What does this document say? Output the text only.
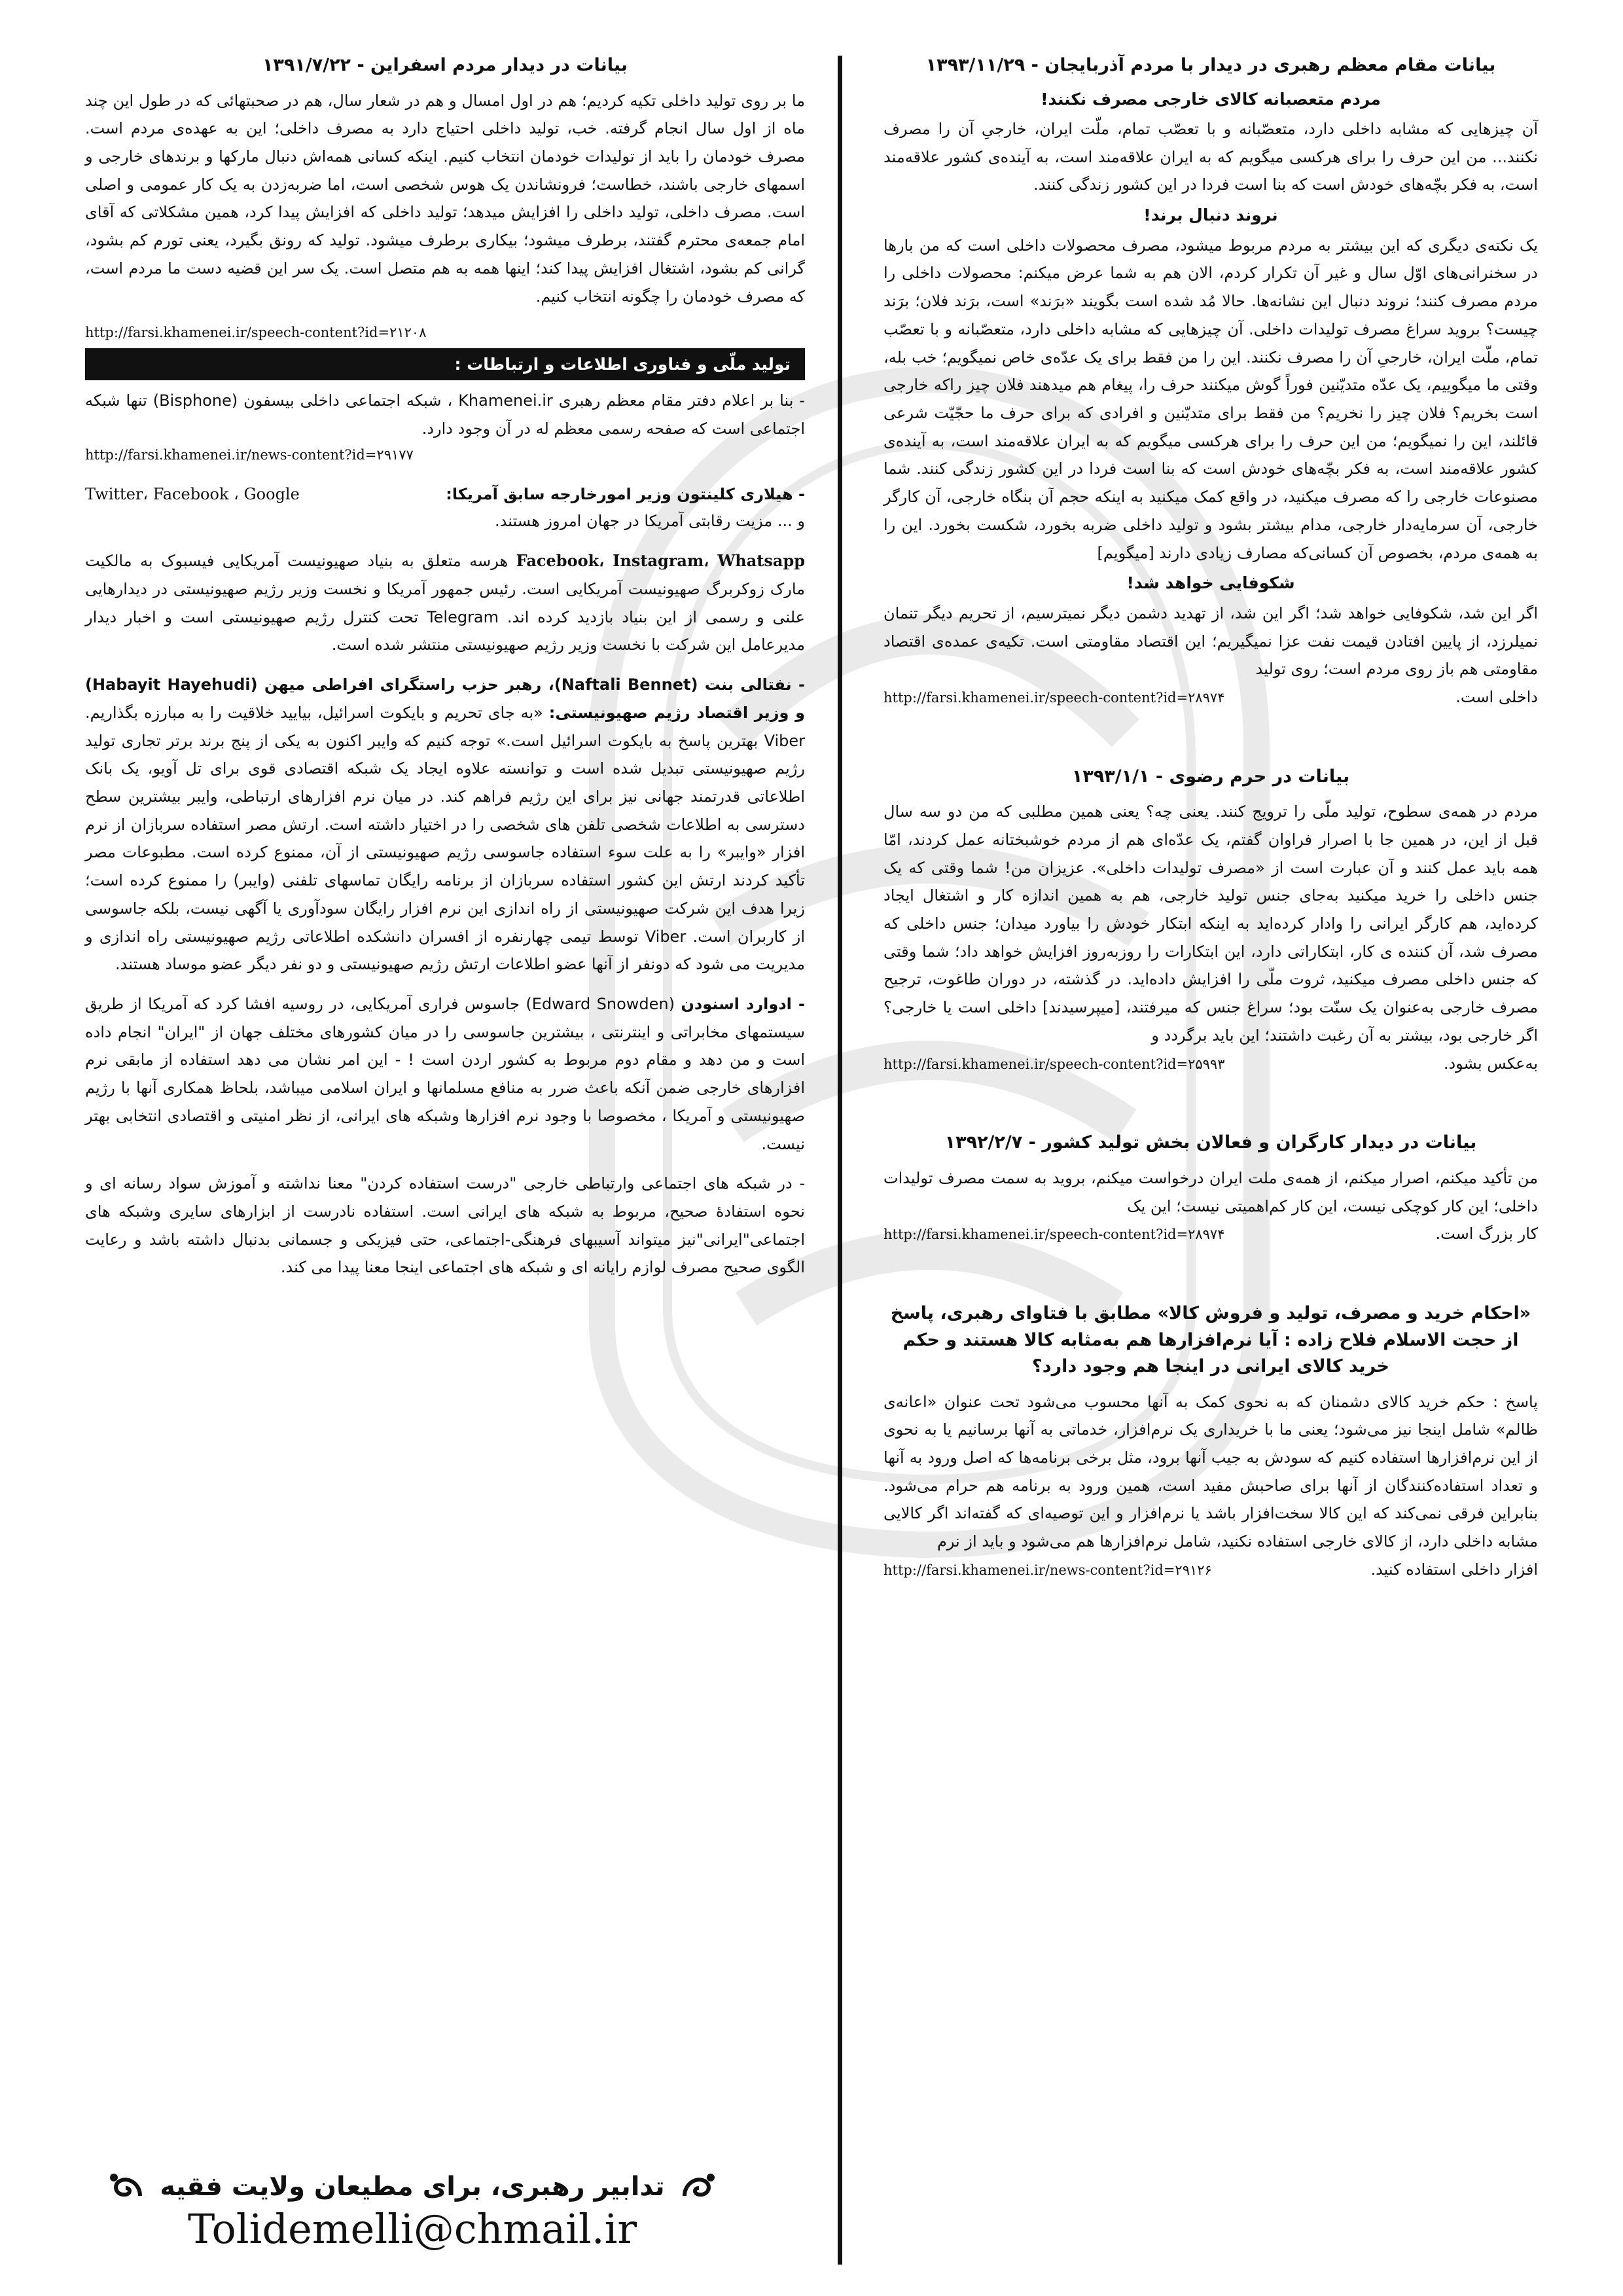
بیانات مقام معظم رهبری در دیدار با مردم آذربایجان - ۱۳۹۳/۱۱/۲۹
مردم متعصبانه کالای خارجی مصرف نکنند!

آن چیزهایی که مشابه داخلی دارد، متعصّبانه و با تعصّب تمام، ملّت ایران، خارجیِ آن را مصرف نکنند... من این حرف را برای هرکسی میگویم که به ایران علاقه‌مند است، به آینده‌ی کشور علاقه‌مند است، به فکر بچّه‌های خودش است که بنا است فردا در این کشور زندگی کنند.

نروند دنبال برند!

یک نکته‌ی دیگری که این بیشتر به مردم مربوط میشود، مصرف محصولات داخلی است که من بارها در سخنرانی‌های اوّل سال و غیر آن تکرار کردم، الان هم به شما عرض میکنم: محصولات داخلی را مردم مصرف کنند؛ نروند دنبال این نشانه‌ها. حالا مُد شده است بگویند «برَند» است، برَند فلان؛ برَند چیست؟ بروید سراغ مصرف تولیدات داخلی. آن چیزهایی که مشابه داخلی دارد، متعصّبانه و با تعصّب تمام، ملّت ایران، خارجیِ آن را مصرف نکنند. این را من فقط برای یک عدّه‌ی خاص نمیگویم؛ خب بله، وقتی ما میگوییم، یک عدّه متدیّنین فوراً گوش میکنند حرف را، پیغام هم میدهند فلان چیز راکه خارجی است بخریم؟ فلان چیز را نخریم؟ من فقط برای متدیّنین و افرادی که برای حرف ما حجّیّت شرعی قائلند، این را نمیگویم؛ من این حرف را برای هرکسی میگویم که به ایران علاقه‌مند است، به آینده‌ی کشور علاقه‌مند است، به فکر بچّه‌های خودش است که بنا است فردا در این کشور زندگی کنند. شما مصنوعات خارجی را که مصرف میکنید، در واقع کمک میکنید به اینکه حجم آن بنگاه خارجی، آن کارگر خارجی، آن سرمایه‌دار خارجی، مدام بیشتر بشود و تولید داخلی ضربه بخورد، شکست بخورد. این را به همه‌ی مردم، بخصوص آن کسانی‌که مصارف زیادی دارند [میگویم]

شکوفایی خواهد شد!

اگر این شد، شکوفایی خواهد شد؛ اگر این شد، از تهدید دشمن دیگر نمیترسیم، از تحریم دیگر تنمان نمیلرزد، از پایین افتادن قیمت نفت عزا نمیگیریم؛ این اقتصاد مقاومتی است. تکیه‌ی عمده‌ی اقتصاد مقاومتی هم باز روی مردم است؛ روی تولید

داخلی است.
http://farsi.khamenei.ir/speech-content?id=۲۸۹۷۴
بیانات در حرم رضوی - ۱۳۹۳/۱/۱

مردم در همه‌ی سطوح، تولید ملّی را ترویج کنند. یعنی چه؟ یعنی همین مطلبی که من دو سه سال قبل از این، در همین جا با اصرار فراوان گفتم، یک عدّه‌ای هم از مردم خوشبختانه عمل کردند، امّا همه باید عمل کنند و آن عبارت است از «مصرف تولیدات داخلی». عزیزان من! شما وقتی که یک جنس داخلی را خرید میکنید به‌جای جنس تولید خارجی، هم به همین اندازه کار و اشتغال ایجاد کرده‌اید، هم کارگر ایرانی را وادار کرده‌اید به اینکه ابتکار خودش را بیاورد میدان؛ جنس داخلی که مصرف شد، آن کننده ی کار، ابتکاراتی دارد، این ابتکارات را روزبه‌روز افزایش خواهد داد؛ شما وقتی که جنس داخلی مصرف میکنید، ثروت ملّی را افزایش داده‌اید. در گذشته، در دوران طاغوت، ترجیح مصرف خارجی به‌عنوان یک سنّت بود؛ سراغ جنس که میرفتند، [میپرسیدند] داخلی است یا خارجی؟ اگر خارجی بود، بیشتر به آن رغبت داشتند؛ این باید برگردد و

به‌عکس بشود.
http://farsi.khamenei.ir/speech-content?id=۲۵۹۹۳
بیانات در دیدار کارگران و فعالان بخش تولید کشور - ۱۳۹۲/۲/۷

من تأکید میکنم، اصرار میکنم، از همه‌ی ملت ایران درخواست میکنم، بروید به سمت مصرف تولیدات داخلی؛ این کار کوچکی نیست، این کار کم‌اهمیتی نیست؛ این یک

کار بزرگ است.
http://farsi.khamenei.ir/speech-content?id=۲۸۹۷۴
«احکام خرید و مصرف، تولید و فروش کالا» مطابق با فتاوای رهبری، پاسخ از حجت الاسلام فلاح زاده : آیا نرم‌افزارها هم به‌مثابه کالا هستند و حکم خرید کالای ایرانی در اینجا هم وجود دارد؟

پاسخ : حکم خرید کالای دشمنان که به نحوی کمک به آنها محسوب می‌شود تحت عنوان «اعانه‌ی ظالم» شامل اینجا نیز می‌شود؛ یعنی ما با خریداری یک نرم‌افزار، خدماتی به آنها برسانیم یا به نحوی از این نرم‌افزارها استفاده کنیم که سودش به جیب آنها برود، مثل برخی برنامه‌ها که اصل ورود به آنها و تعداد استفاده‌کنندگان از آنها برای صاحبش مفید است، همین ورود به برنامه هم حرام می‌شود. بنابراین فرقی نمی‌کند که این کالا سخت‌افزار باشد یا نرم‌افزار و این توصیه‌ای که گفته‌اند اگر کالایی مشابه داخلی دارد، از کالای خارجی استفاده نکنید، شامل نرم‌افزارها هم می‌شود و باید از نرم

افزار داخلی استفاده کنید.
http://farsi.khamenei.ir/news-content?id=۲۹۱۲۶
بیانات در دیدار مردم اسفراین - ۱۳۹۱/۷/۲۲

ما بر روی تولید داخلی تکیه کردیم؛ هم در اول امسال و هم در شعار سال، هم در صحبتهائی که در طول این چند ماه از اول سال انجام گرفته. خب، تولید داخلی احتیاج دارد به مصرف داخلی؛ این به عهده‌ی مردم است. مصرف خودمان را باید از تولیدات خودمان انتخاب کنیم. اینکه کسانی همه‌اش دنبال مارکها و برندهای خارجی و اسمهای خارجی باشند، خطاست؛ فرونشاندن یک هوس شخصی است، اما ضربه‌زدن به یک کار عمومی و اصلی است. مصرف داخلی، تولید داخلی را افزایش میدهد؛ تولید داخلی که افزایش پیدا کرد، همین مشکلاتی که آقای امام جمعه‌ی محترم گفتند، برطرف میشود؛ بیکاری برطرف میشود. تولید که رونق بگیرد، یعنی تورم کم بشود، گرانی کم بشود، اشتغال افزایش پیدا کند؛ اینها همه به هم متصل است. یک سر این قضیه دست ما مردم است، که مصرف خودمان را چگونه انتخاب کنیم.

http://farsi.khamenei.ir/speech-content?id=۲۱۲۰۸
تولید ملّی و فناوری اطلاعات و ارتباطات :

- بنا بر اعلام دفتر مقام معظم رهبری Khamenei.ir ، شبکه اجتماعی داخلی بیسفون (Bisphone) تنها شبکه اجتماعی است که صفحه رسمی معظم له در آن وجود دارد.

http://farsi.khamenei.ir/news-content?id=۲۹۱۷۷
- هیلاری کلینتون وزیر امورخارجه سابق آمریکا:
Twitter، Facebook ، Google

و ... مزیت رقابتی آمریکا در جهان امروز هستند.

Facebook، Instagram، Whatsapp هرسه متعلق به بنیاد صهیونیست آمریکایی فیسبوک به مالکیت مارک زوکربرگ صهیونیست آمریکایی است. رئیس جمهور آمریکا و نخست وزیر رژیم صهیونیستی در دیدارهایی علنی و رسمی از این بنیاد بازدید کرده اند. Telegram تحت کنترل رژیم صهیونیستی است و اخبار دیدار مدیرعامل این شرکت با نخست وزیر رژیم صهیونیستی منتشر شده است.

- نفتالی بنت (Naftali Bennet)، رهبر حزب راستگرای افراطی میهن (Habayit Hayehudi) و وزیر اقتصاد رژیم صهیونیستی: «به جای تحریم و بایکوت اسرائیل، بیایید خلاقیت را به مبارزه بگذاریم. Viber بهترین پاسخ به بایکوت اسرائیل است.» توجه کنیم که وایبر اکنون به یکی از پنج برند برتر تجاری تولید رژیم صهیونیستی تبدیل شده است و توانسته علاوه ایجاد یک شبکه اقتصادی قوی برای تل آویو، یک بانک اطلاعاتی قدرتمند جهانی نیز برای این رژیم فراهم کند. در میان نرم افزارهای ارتباطی، وایبر بیشترین سطح دسترسی به اطلاعات شخصی تلفن های شخصی را در اختیار داشته است. ارتش مصر استفاده سربازان از نرم افزار «وایبر» را به علت سوء استفاده جاسوسی رژیم صهیونیستی از آن، ممنوع کرده است. مطبوعات مصر تأکید کردند ارتش این کشور استفاده سربازان از برنامه رایگان تماسهای تلفنی (وایبر) را ممنوع کرده است؛ زیرا هدف این شرکت صهیونیستی از راه اندازی این نرم افزار رایگان سودآوری یا آگهی نیست، بلکه جاسوسی از کاربران است. Viber توسط تیمی چهارنفره از افسران دانشکده اطلاعاتی رژیم صهیونیستی راه اندازی و مدیریت می شود که دونفر از آنها عضو اطلاعات ارتش رژیم صهیونیستی و دو نفر دیگر عضو موساد هستند.

- ادوارد اسنودن (Edward Snowden) جاسوس فراری آمریکایی، در روسیه افشا کرد که آمریکا از طریق سیستمهای مخابراتی و اینترنتی ، بیشترین جاسوسی را در میان کشورهای مختلف جهان از "ایران" انجام داده است و من دهد و مقام دوم مربوط به کشور اردن است ! - این امر نشان می دهد استفاده از مابقی نرم افزارهای خارجی ضمن آنکه باعث ضرر به منافع مسلمانها و ایران اسلامی میباشد، بلحاظ همکاری آنها با رژیم صهیونیستی و آمریکا ، مخصوصا با وجود نرم افزارها وشبکه های ایرانی، از نظر امنیتی و اقتصادی انتخابی بهتر نیست.

- در شبکه های اجتماعی وارتباطی خارجی "درست استفاده کردن" معنا نداشته و آموزش سواد رسانه ای و نحوه استفادهٔ صحیح، مربوط به شبکه های ایرانی است. استفاده نادرست از ابزارهای سایری وشبکه های اجتماعی"ایرانی"نیز میتواند آسیبهای فرهنگی-اجتماعی، حتی فیزیکی و جسمانی بدنبال داشته باشد و رعایت الگوی صحیح مصرف لوازم رایانه ای و شبکه های اجتماعی اینجا معنا پیدا می کند.

تدابیر رهبری، برای مطیعان ولایت فقیه
Tolidemelli@chmail.ir
